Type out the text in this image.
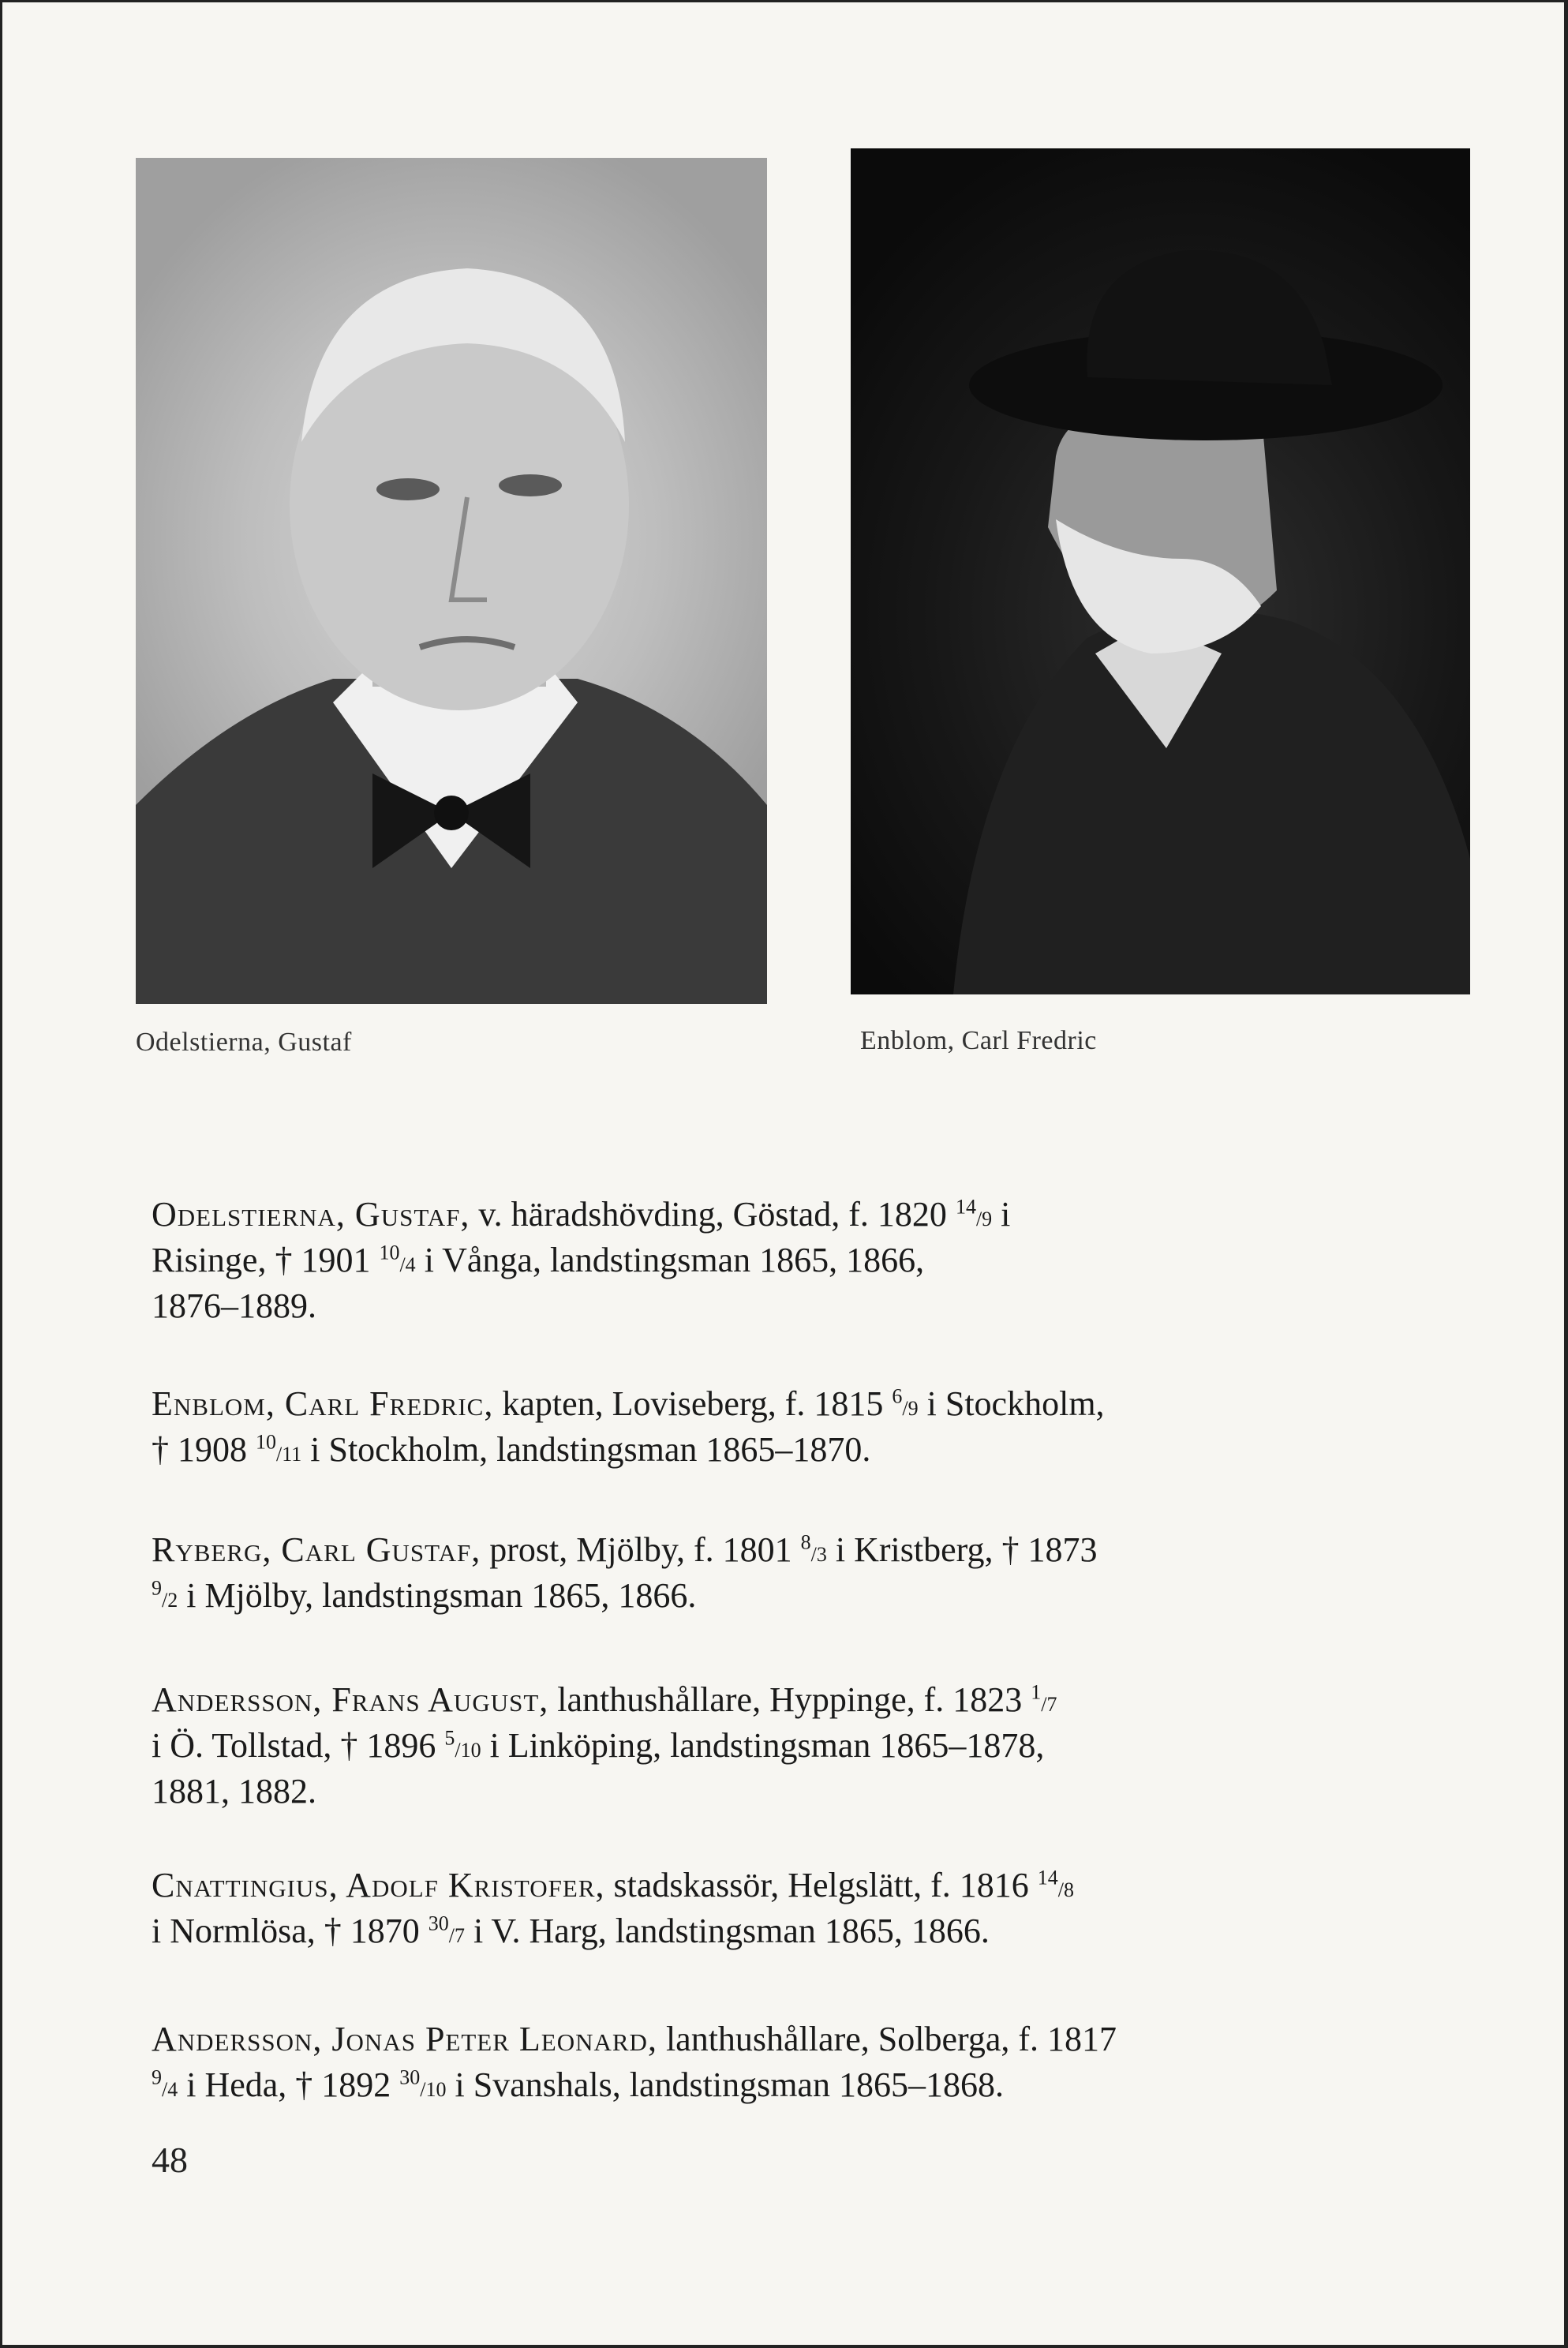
Odelstierna, Gustaf	Enblom, Carl Fredric

Odelstierna, Gustaf, v. häradshövding, Göstad, f. 1820 $^{14}$/9 i

Risinge, † 1901 $^{10}$/4 i Vånga, landstingsman 1865, 1866,

1876–1889.

Enblom, Carl Fredric, kapten, Loviseberg, f. 1815 $^6$/9 i Stockholm,

† 1908 $^{10}$/11 i Stockholm, landstingsman 1865–1870.

Ryberg, Carl Gustaf, prost, Mjölby, f. 1801 $^8$/3 i Kristberg, † 1873

$^9$/2 i Mjölby, landstingsman 1865, 1866.

Andersson, Frans August, lanthushållare, Hyppinge, f. 1823 $^1$/7

i Ö. Tollstad, † 1896 $^5$/10 i Linköping, landstingsman 1865–1878,

1881, 1882.

Cnattingius, Adolf Kristofer, stadskassör, Helgslätt, f. 1816 $^{14}$/8

i Normlösa, † 1870 $^{30}$/7 i V. Harg, landstingsman 1865, 1866.

Andersson, Jonas Peter Leonard, lanthushållare, Solberga, f. 1817

$^9$/4 i Heda, † 1892 $^{30}$/10 i Svanshals, landstingsman 1865–1868.

48
